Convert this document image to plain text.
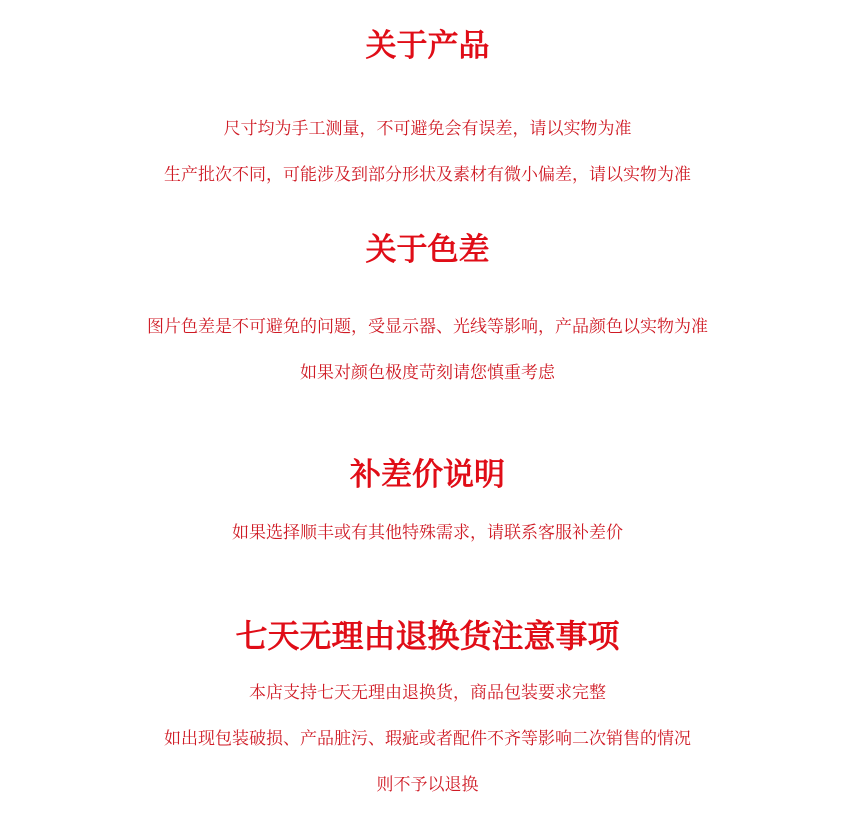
关于产品
尺寸均为手工测量，不可避免会有误差，请以实物为准
生产批次不同，可能涉及到部分形状及素材有微小偏差，请以实物为准
关于色差
图片色差是不可避免的问题，受显示器、光线等影响，产品颜色以实物为准
如果对颜色极度苛刻请您慎重考虑
补差价说明
如果选择顺丰或有其他特殊需求，请联系客服补差价
七天无理由退换货注意事项
本店支持七天无理由退换货，商品包装要求完整
如出现包装破损、产品脏污、瑕疵或者配件不齐等影响二次销售的情况
则不予以退换
